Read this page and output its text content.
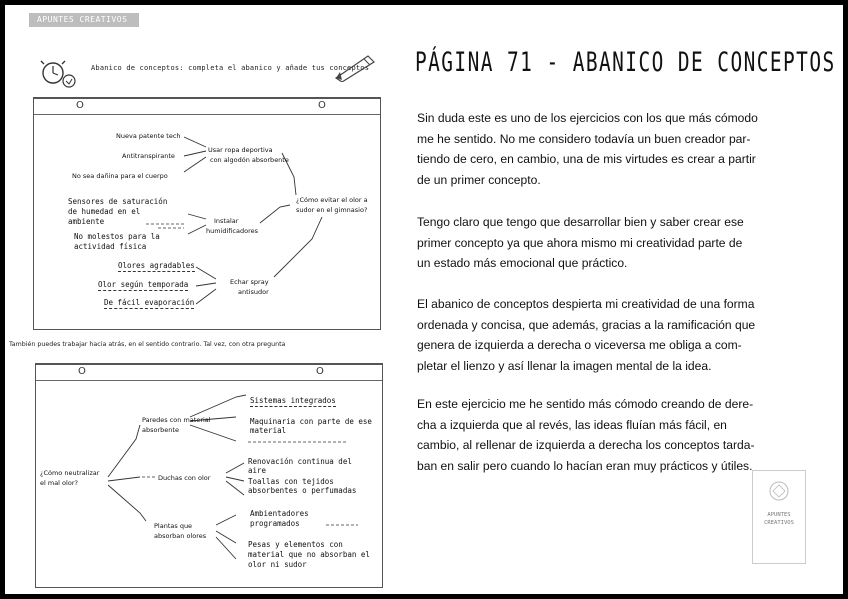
APUNTES CREATIVOS
Abanico de conceptos: completa el abanico y añade tus conceptos
O	O
Nueva patente tech
Antitranspirante
No sea dañina para el cuerpo
Usar ropa deportiva
con algodón absorbente
Sensores de saturación
de humedad en el
ambiente
No molestos para la
actividad física
Instalar
humidificadores
¿Cómo evitar el olor a
sudor en el gimnasio?
Olores agradables
Olor según temporada
De fácil evaporación
Echar spray
antisudor
También puedes trabajar hacia atrás, en el sentido contrario. Tal vez, con otra pregunta
O	O
Paredes con material
absorbente
Sistemas integrados
Maquinaria con parte de ese
material
¿Cómo neutralizar
el mal olor?
Duchas con olor
Renovación continua del
aire
Toallas con tejidos
absorbentes o perfumadas
Plantas que
absorban olores
Ambientadores
programados
Pesas y elementos con
material que no absorban el
olor ni sudor
PÁGINA 71 - ABANICO DE CONCEPTOS
Sin duda este es uno de los ejercicios con los que más cómodo
me he sentido. No me considero todavía un buen creador par-
tiendo de cero, en cambio, una de mis virtudes es crear a partir
de un primer concepto.
Tengo claro que tengo que desarrollar bien y saber crear ese
primer concepto ya que ahora mismo mi creatividad parte de
un estado más emocional que práctico.
El abanico de conceptos despierta mi creatividad de una forma
ordenada y concisa, que además, gracias a la ramificación que
genera de izquierda a derecha o viceversa me obliga a com-
pletar el lienzo y así llenar la imagen mental de la idea.
En este ejercicio me he sentido más cómodo creando de dere-
cha a izquierda que al revés, las ideas fluían más fácil, en
cambio, al rellenar de izquierda a derecha los conceptos tarda-
ban en salir pero cuando lo hacían eran muy prácticos y útiles.
APUNTES
CREATIVOS
